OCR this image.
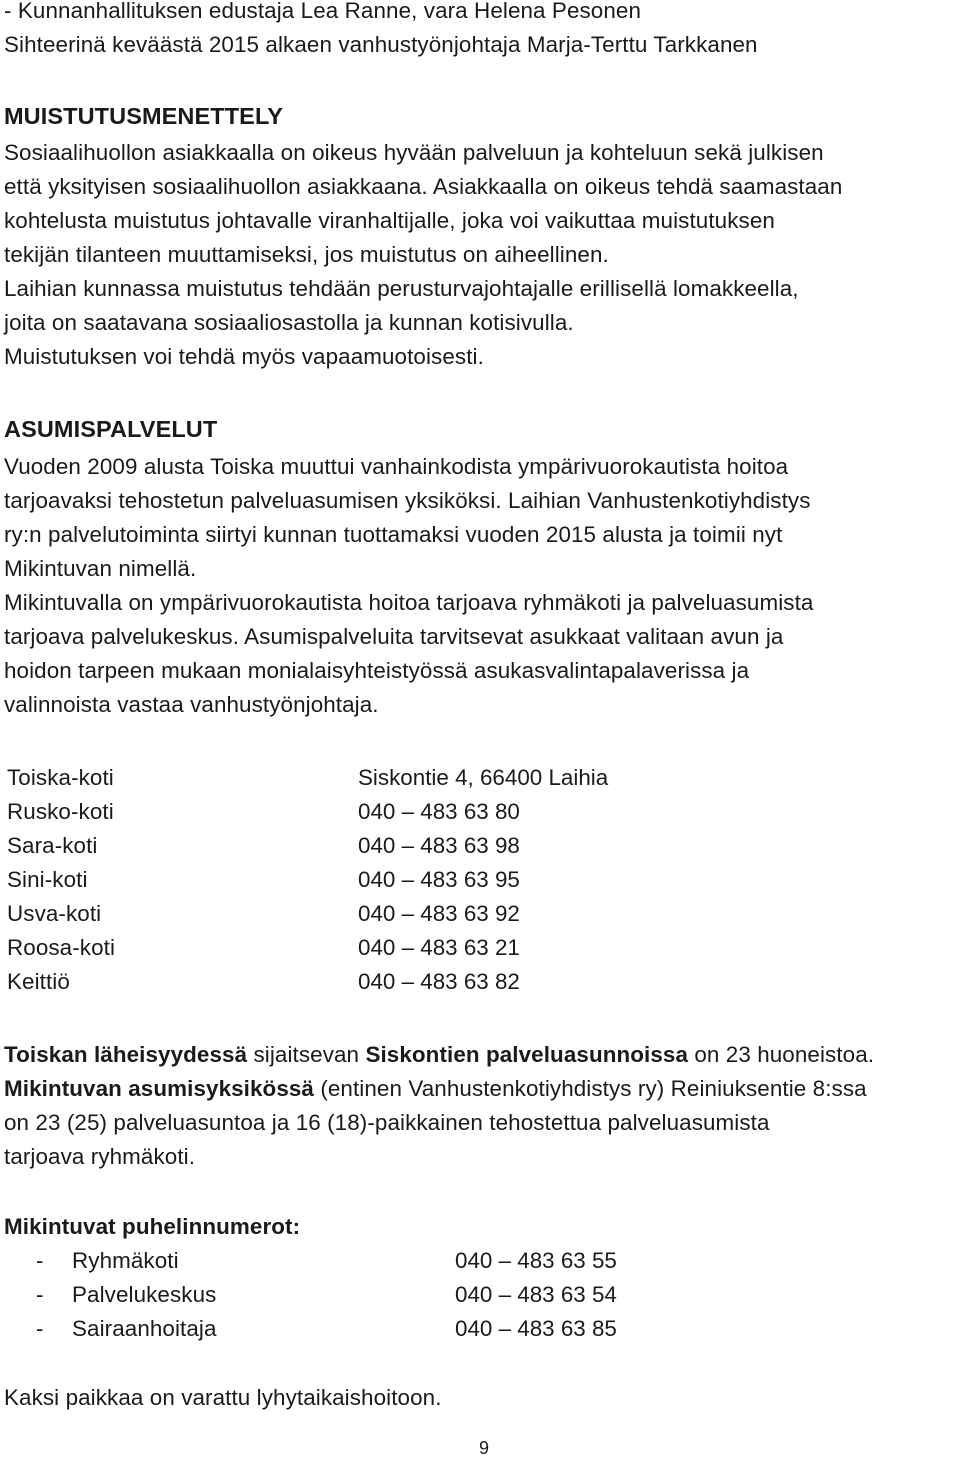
- Kunnanhallituksen edustaja Lea Ranne, vara Helena Pesonen
Sihteerinä keväästä 2015 alkaen vanhustyönjohtaja Marja-Terttu Tarkkanen
MUISTUTUSMENETTELY
Sosiaalihuollon asiakkaalla on oikeus hyvään palveluun ja kohteluun sekä julkisen
että yksityisen sosiaalihuollon asiakkaana. Asiakkaalla on oikeus tehdä saamastaan
kohtelusta muistutus johtavalle viranhaltijalle, joka voi vaikuttaa muistutuksen
tekijän tilanteen muuttamiseksi, jos muistutus on aiheellinen.
Laihian kunnassa muistutus tehdään perusturvajohtajalle erillisellä lomakkeella,
joita on saatavana sosiaaliosastolla ja kunnan kotisivulla.
Muistutuksen voi tehdä myös vapaamuotoisesti.
ASUMISPALVELUT
Vuoden 2009 alusta Toiska muuttui vanhainkodista ympärivuorokautista hoitoa
tarjoavaksi tehostetun palveluasumisen yksiköksi. Laihian Vanhustenkotiyhdistys
ry:n palvelutoiminta siirtyi kunnan tuottamaksi vuoden 2015 alusta ja toimii nyt
Mikintuvan nimellä.
Mikintuvalla on ympärivuorokautista hoitoa tarjoava ryhmäkoti ja palveluasumista
tarjoava palvelukeskus. Asumispalveluita tarvitsevat asukkaat valitaan avun ja
hoidon tarpeen mukaan monialaisyhteistyössä asukasvalintapalaverissa ja
valinnoista vastaa vanhustyönjohtaja.
Toiska-koti	Siskontie 4, 66400 Laihia
Rusko-koti	040 – 483 63 80
Sara-koti	040 – 483 63 98
Sini-koti	040 – 483 63 95
Usva-koti	040 – 483 63 92
Roosa-koti	040 – 483 63 21
Keittiö	040 – 483 63 82
Toiskan läheisyydessä sijaitsevan Siskontien palveluasunnoissa on 23 huoneistoa.
Mikintuvan asumisyksikössä (entinen Vanhustenkotiyhdistys ry) Reiniuksentie 8:ssa
on 23 (25) palveluasuntoa ja 16 (18)-paikkainen tehostettua palveluasumista
tarjoava ryhmäkoti.
Mikintuvat puhelinnumerot:
- Ryhmäkoti	040 – 483 63 55
- Palvelukeskus	040 – 483 63 54
- Sairaanhoitaja	040 – 483 63 85
Kaksi paikkaa on varattu lyhytaikaishoitoon.
9
